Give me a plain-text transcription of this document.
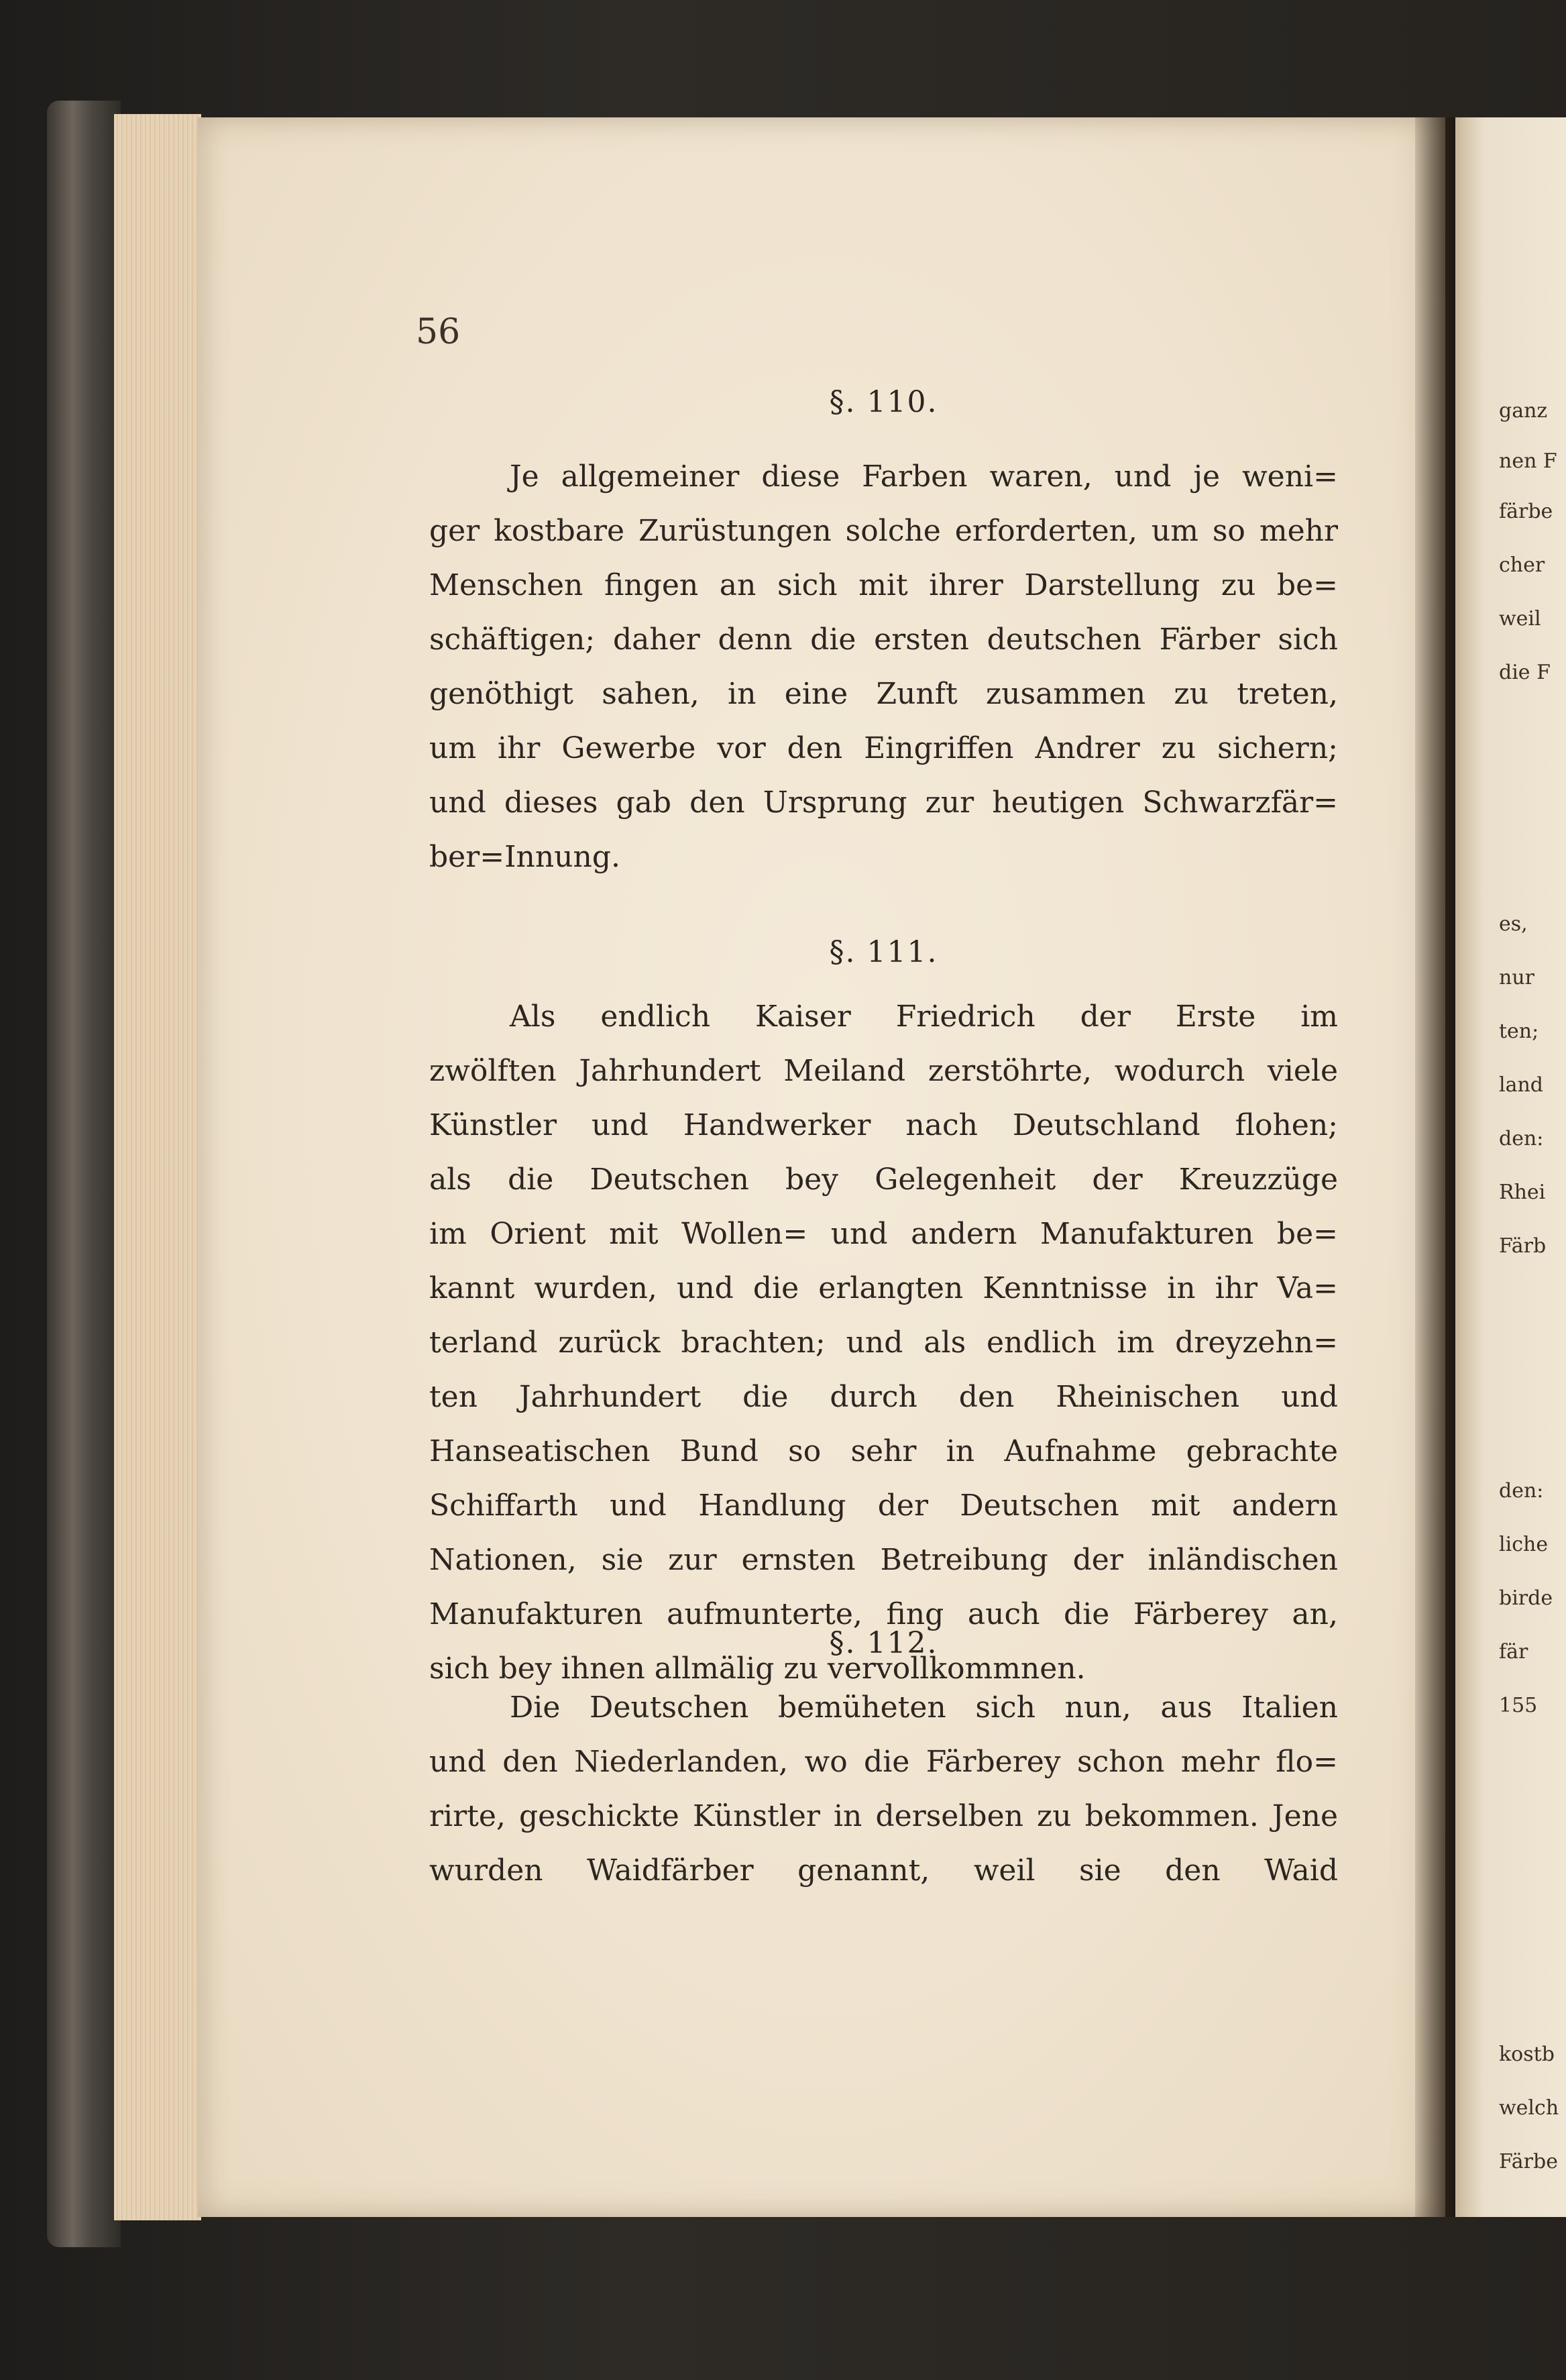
ganz
nen F
färbe
cher
weil
die F
es,
nur
ten;
land
den:
Rhei
Färb
den:
liche
birde
fär
155
kostb
welch
Färbe
56
§. 110.
Je allgemeiner diese Farben waren, und je weni=
ger kostbare Zurüstungen solche erforderten, um so mehr
Menschen fingen an sich mit ihrer Darstellung zu be=
schäftigen; daher denn die ersten deutschen Färber sich
genöthigt sahen, in eine Zunft zusammen zu treten,
um ihr Gewerbe vor den Eingriffen Andrer zu sichern;
und dieses gab den Ursprung zur heutigen Schwarzfär=
ber=Innung.
§. 111.
Als endlich Kaiser Friedrich der Erste im
zwölften Jahrhundert Meiland zerstöhrte, wodurch viele
Künstler und Handwerker nach Deutschland flohen;
als die Deutschen bey Gelegenheit der Kreuzzüge
im Orient mit Wollen= und andern Manufakturen be=
kannt wurden, und die erlangten Kenntnisse in ihr Va=
terland zurück brachten; und als endlich im dreyzehn=
ten Jahrhundert die durch den Rheinischen und
Hanseatischen Bund so sehr in Aufnahme gebrachte
Schiffarth und Handlung der Deutschen mit andern
Nationen, sie zur ernsten Betreibung der inländischen
Manufakturen aufmunterte, fing auch die Färberey an,
sich bey ihnen allmälig zu vervollkommnen.
§. 112.
Die Deutschen bemüheten sich nun, aus Italien
und den Niederlanden, wo die Färberey schon mehr flo=
rirte, geschickte Künstler in derselben zu bekommen. Jene
wurden Waidfärber genannt, weil sie den Waid
